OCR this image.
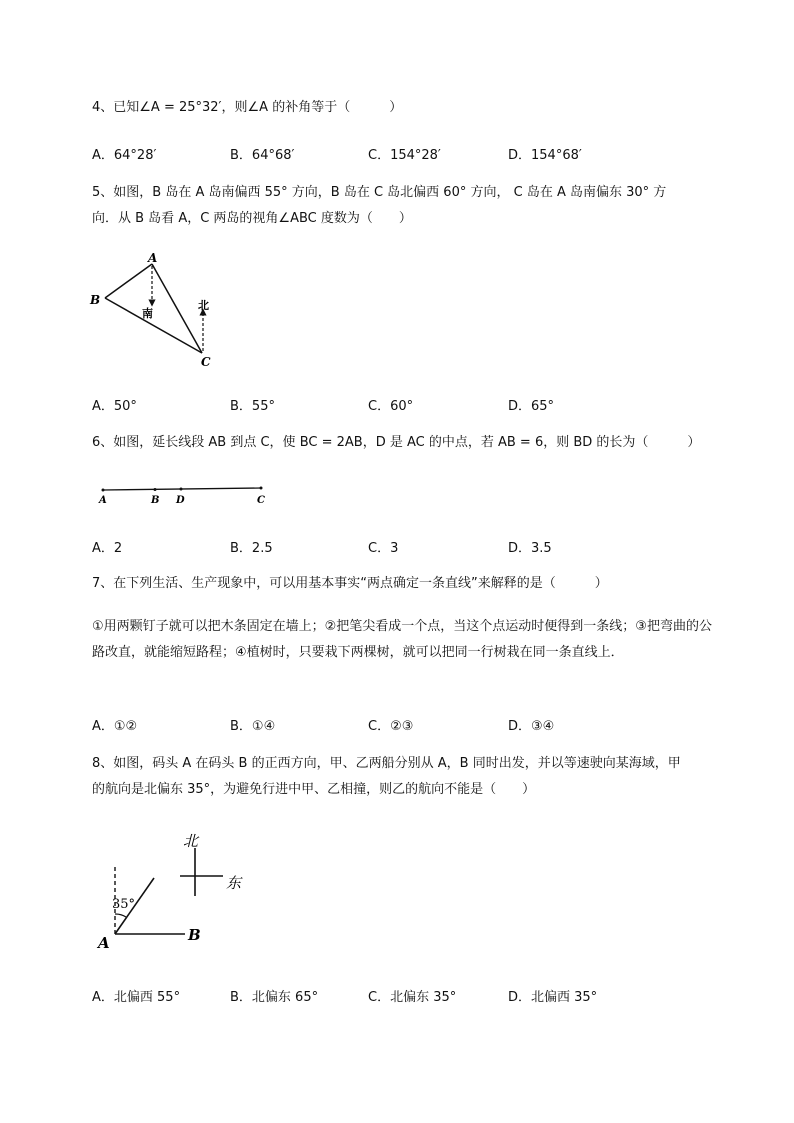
4、已知∠A = 25°32′，则∠A 的补角等于（　　　）
A．64°28′	B．64°68′	C．154°28′	D．154°68′
5、如图，B 岛在 A 岛南偏西 55° 方向，B 岛在 C 岛北偏西 60° 方向， C 岛在 A 岛南偏东 30° 方
向．从 B 岛看 A，C 两岛的视角∠ABC 度数为（　　）
A
B
C
南
北
A．50°	B．55°	C．60°	D．65°
6、如图，延长线段 AB 到点 C，使 BC = 2AB，D 是 AC 的中点，若 AB = 6，则 BD 的长为（　　　）
A	B D	C
A．2	B．2.5	C．3	D．3.5
7、在下列生活、生产现象中，可以用基本事实“两点确定一条直线”来解释的是（　　　）
①用两颗钉子就可以把木条固定在墙上；②把笔尖看成一个点，当这个点运动时便得到一条线；③把弯曲的公路改直，就能缩短路程；④植树时，只要栽下两棵树，就可以把同一行树栽在同一条直线上．
A．①②	B．①④	C．②③	D．③④
8、如图，码头 A 在码头 B 的正西方向，甲、乙两船分别从 A，B 同时出发，并以等速驶向某海域，甲
的航向是北偏东 35°，为避免行进中甲、乙相撞，则乙的航向不能是（　　）
北
东
35°
A	B
A．北偏西 55°	B．北偏东 65°	C．北偏东 35°	D．北偏西 35°
